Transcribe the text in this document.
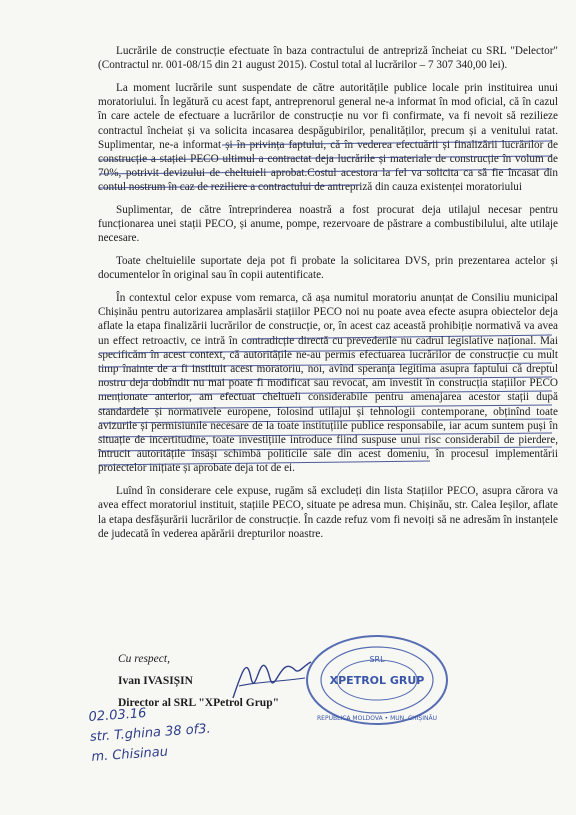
Lucrările de construcție efectuate în baza contractului de antrepriză încheiat cu SRL "Delector" (Contractul nr. 001-08/15 din 21 august 2015). Costul total al lucrărilor – 7 307 340,00 lei).

La moment lucrările sunt suspendate de către autoritățile publice locale prin instituirea unui moratoriului. În legătură cu acest fapt, antreprenorul general ne-a informat în mod oficial, că în cazul în care actele de efectuare a lucrărilor de construcție nu vor fi confirmate, va fi nevoit să rezilieze contractul încheiat și va solicita incasarea despăgubirilor, penalităților, precum și a venitului ratat. Suplimentar, ne-a informat și în privința faptului, că în vederea efectuării și finalizării lucrărilor de construcție a stației PECO ultimul a contractat deja lucrările și materiale de construcție în volum de 70%, potrivit devizului de cheltuieli aprobat.Costul acestora la fel va solicita ca să fie încasat din contul nostrum în caz de reziliere a contractului de antrepriză din cauza existenței moratoriului

Suplimentar, de către întreprinderea noastră a fost procurat deja utilajul necesar pentru funcționarea unei stații PECO, și anume, pompe, rezervoare de păstrare a combustibilului, alte utilaje necesare.

Toate cheltuielile suportate deja pot fi probate la solicitarea DVS, prin prezentarea actelor și documentelor în original sau în copii autentificate.

În contextul celor expuse vom remarca, că așa numitul moratoriu anunțat de Consiliu municipal Chișinău pentru autorizarea amplasării stațiilor PECO noi nu poate avea efecte asupra obiectelor deja aflate la etapa finalizării lucrărilor de construcție, or, în acest caz această prohibiție normativă va avea un effect retroactiv, ce intră în contradicție directă cu prevederile nu cadrul legislative național. Mai specificăm în acest context, că autoritățile ne-au permis efectuarea lucrărilor de construcție cu mult timp înainte de a fi instituit acest moratoriu, noi, avînd speranța legitima asupra faptului că dreptul nostru deja dobîndit nu mai poate fi modificat sau revocat, am investit în construcția stațiilor PECO menționate anterior, am efectuat cheltueli considerabile pentru amenajarea acestor stații după standardele și normativele europene, folosind utilajul și tehnologii contemporane, obținînd toate avizurile și permisiunile necesare de la toate instituțiile publice responsabile, iar acum suntem puși în situație de incertitudine, toate investițiile introduce fiind suspuse unui risc considerabil de pierdere, întrucit autoritățile însăși schimbă politicile sale din acest domeniu, în procesul implementării proiectelor inițiate și aprobate deja tot de ei.

Luînd în considerare cele expuse, rugăm să excludeți din lista Stațiilor PECO, asupra cărora va avea effect moratoriul instituit, stațiile PECO, situate pe adresa mun. Chișinău, str. Calea Ieșilor, aflate la etapa desfășurării lucrărilor de construcție. În cazde refuz vom fi nevoiți să ne adresăm în instanțele de judecată în vederea apărării drepturilor noastre.

Cu respect,
Ivan IVASIȘIN
Director al SRL "XPetrol Grup"
SRL
XPETROL GRUP
REPUBLICA MOLDOVA • MUN. CHIȘINĂU
02.03.16
str. T.ghina 38 of3.
m. Chisinau
